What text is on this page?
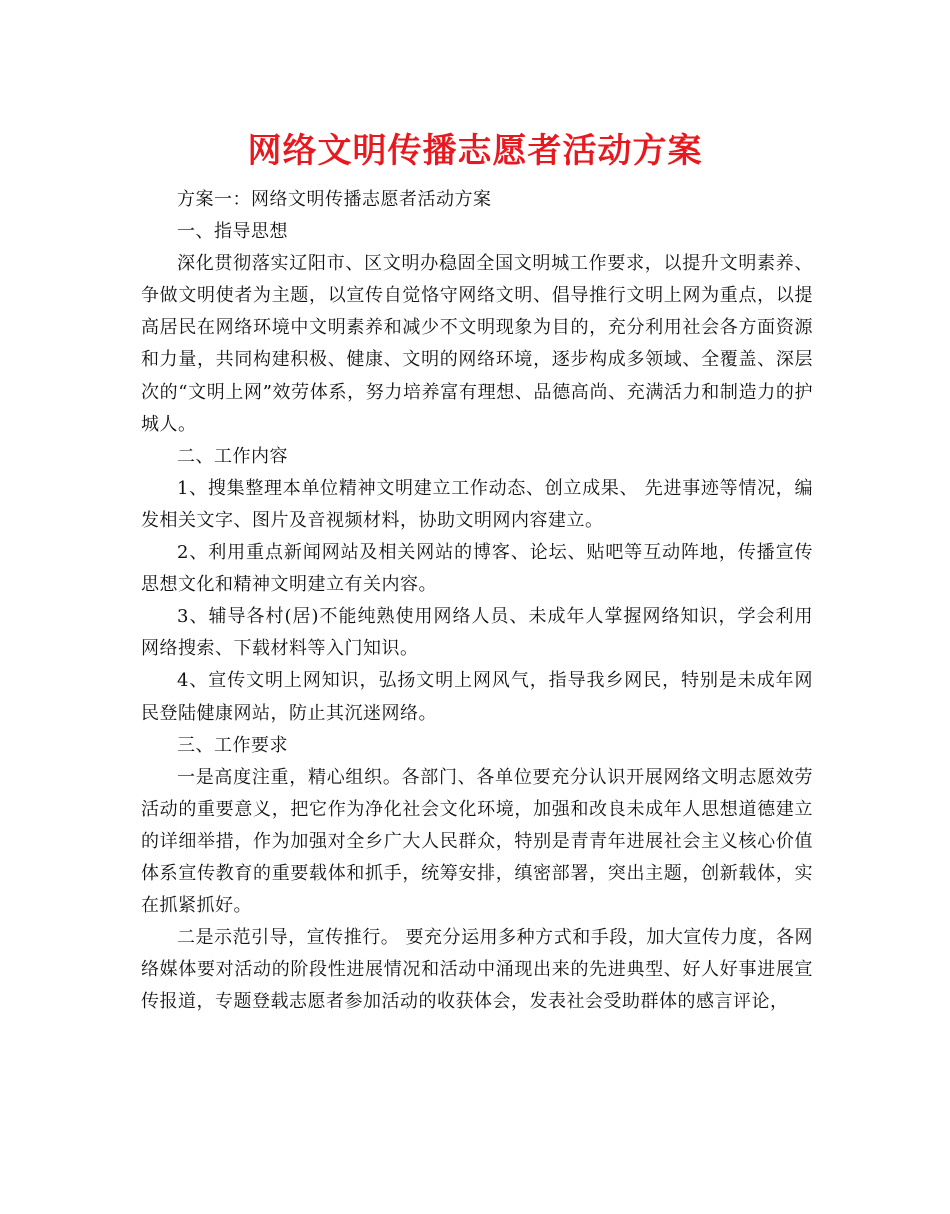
网络文明传播志愿者活动方案

方案一：网络文明传播志愿者活动方案

一、指导思想

深化贯彻落实辽阳市、区文明办稳固全国文明城工作要求，以提升文明素养、争做文明使者为主题，以宣传自觉恪守网络文明、倡导推行文明上网为重点，以提高居民在网络环境中文明素养和减少不文明现象为目的，充分利用社会各方面资源和力量，共同构建积极、健康、文明的网络环境，逐步构成多领域、全覆盖、深层次的“文明上网”效劳体系，努力培养富有理想、品德高尚、充满活力和制造力的护城人。

二、工作内容

1、搜集整理本单位精神文明建立工作动态、创立成果、 先进事迹等情况，编发相关文字、图片及音视频材料，协助文明网内容建立。

2、利用重点新闻网站及相关网站的博客、论坛、贴吧等互动阵地，传播宣传思想文化和精神文明建立有关内容。

3、辅导各村(居)不能纯熟使用网络人员、未成年人掌握网络知识，学会利用网络搜索、下载材料等入门知识。

4、宣传文明上网知识，弘扬文明上网风气，指导我乡网民，特别是未成年网民登陆健康网站，防止其沉迷网络。

三、工作要求

一是高度注重，精心组织。各部门、各单位要充分认识开展网络文明志愿效劳活动的重要意义，把它作为净化社会文化环境，加强和改良未成年人思想道德建立的详细举措，作为加强对全乡广大人民群众，特别是青青年进展社会主义核心价值体系宣传教育的重要载体和抓手，统筹安排，缜密部署，突出主题，创新载体，实在抓紧抓好。

二是示范引导，宣传推行。 要充分运用多种方式和手段，加大宣传力度，各网络媒体要对活动的阶段性进展情况和活动中涌现出来的先进典型、好人好事进展宣传报道，专题登载志愿者参加活动的收获体会，发表社会受助群体的感言评论，
